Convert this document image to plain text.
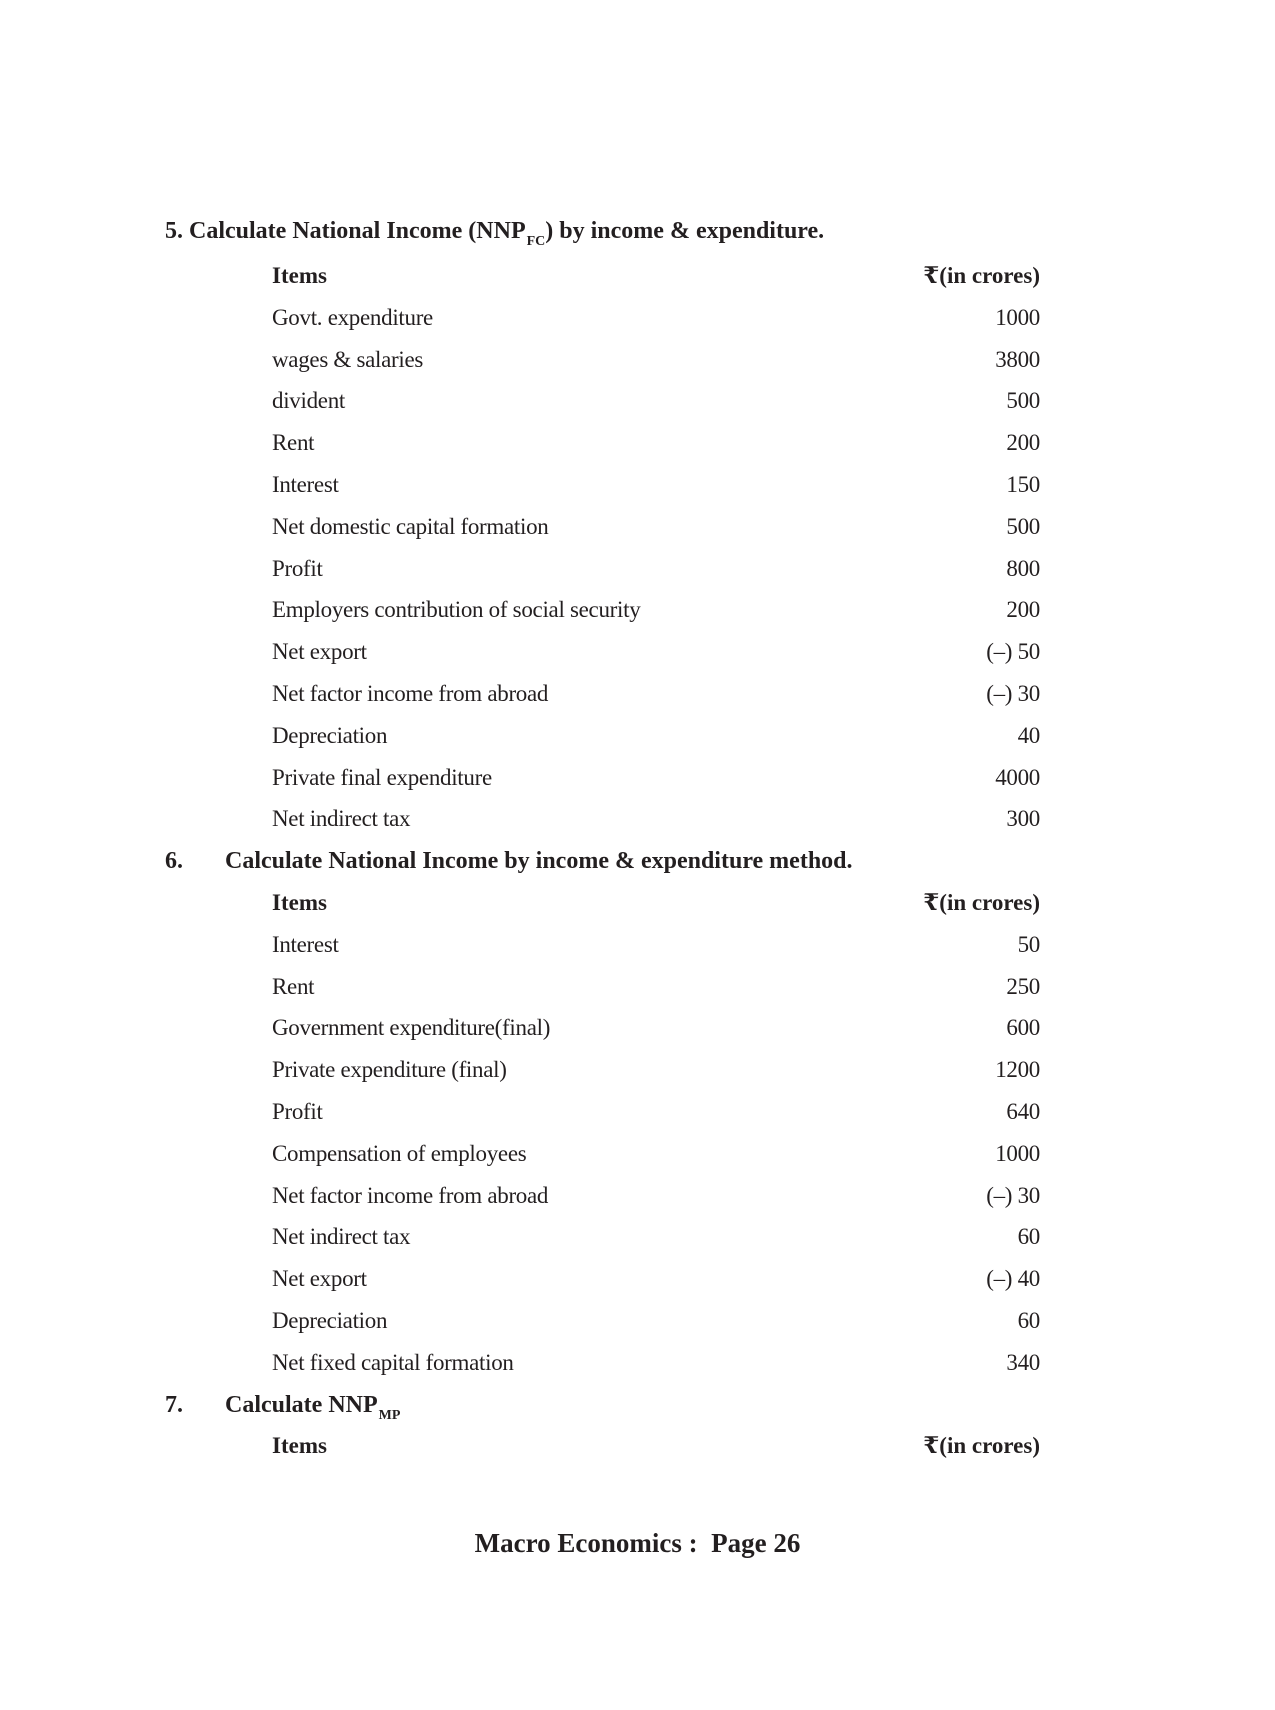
5. Calculate National Income $(NNP_{FC})$ by income & expenditure.
Items	₹(in crores)
Govt. expenditure	1000
wages & salaries	3800
divident	500
Rent	200
Interest	150
Net domestic capital formation	500
Profit	800
Employers contribution of social security	200
Net export	(–) 50
Net factor income from abroad	(–) 30
Depreciation	40
Private final expenditure	4000
Net indirect tax	300
6. Calculate National Income by income & expenditure method.
Items	₹(in crores)
Interest	50
Rent	250
Government expenditure(final)	600
Private expenditure (final)	1200
Profit	640
Compensation of employees	1000
Net factor income from abroad	(–) 30
Net indirect tax	60
Net export	(–) 40
Depreciation	60
Net fixed capital formation	340
7. Calculate $NNP_{MP}$
Items	₹(in crores)
Macro Economics :  Page 26
